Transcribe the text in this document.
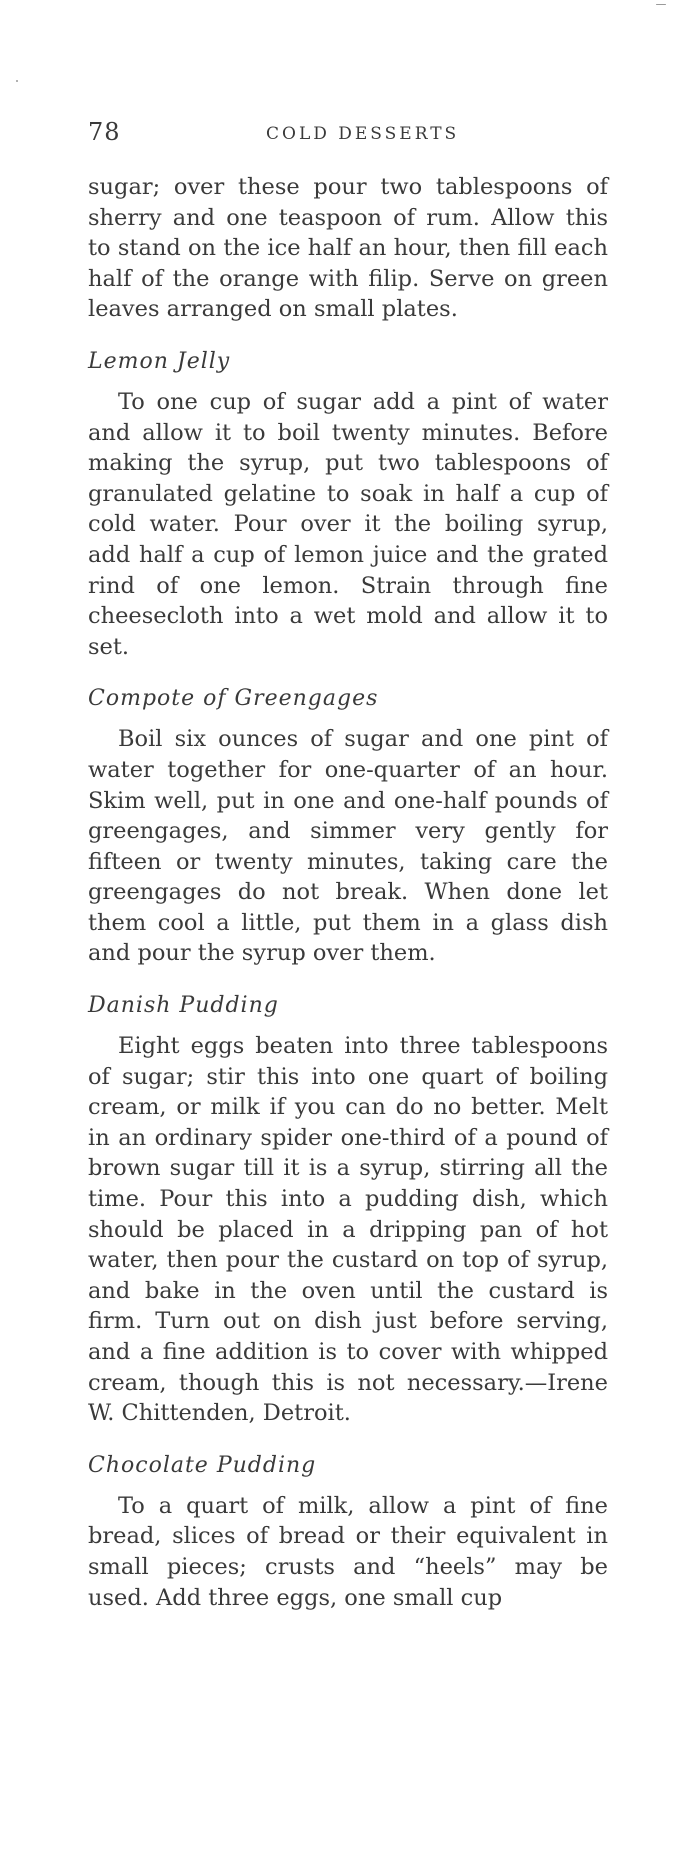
78	COLD DESSERTS

sugar; over these pour two tablespoons of sherry and one teaspoon of rum. Allow this to stand on the ice half an hour, then fill each half of the orange with filip. Serve on green leaves arranged on small plates.

Lemon Jelly

To one cup of sugar add a pint of water and allow it to boil twenty minutes. Before making the syrup, put two tablespoons of granulated gelatine to soak in half a cup of cold water. Pour over it the boiling syrup, add half a cup of lemon juice and the grated rind of one lemon. Strain through fine cheesecloth into a wet mold and allow it to set.

Compote of Greengages

Boil six ounces of sugar and one pint of water together for one-quarter of an hour. Skim well, put in one and one-half pounds of greengages, and simmer very gently for fifteen or twenty minutes, taking care the greengages do not break. When done let them cool a little, put them in a glass dish and pour the syrup over them.

Danish Pudding

Eight eggs beaten into three tablespoons of sugar; stir this into one quart of boiling cream, or milk if you can do no better. Melt in an ordinary spider one-third of a pound of brown sugar till it is a syrup, stirring all the time. Pour this into a pudding dish, which should be placed in a dripping pan of hot water, then pour the custard on top of syrup, and bake in the oven until the custard is firm. Turn out on dish just before serving, and a fine addition is to cover with whipped cream, though this is not necessary.—Irene W. Chittenden, Detroit.

Chocolate Pudding

To a quart of milk, allow a pint of fine bread, slices of bread or their equivalent in small pieces; crusts and “heels” may be used. Add three eggs, one small cup
